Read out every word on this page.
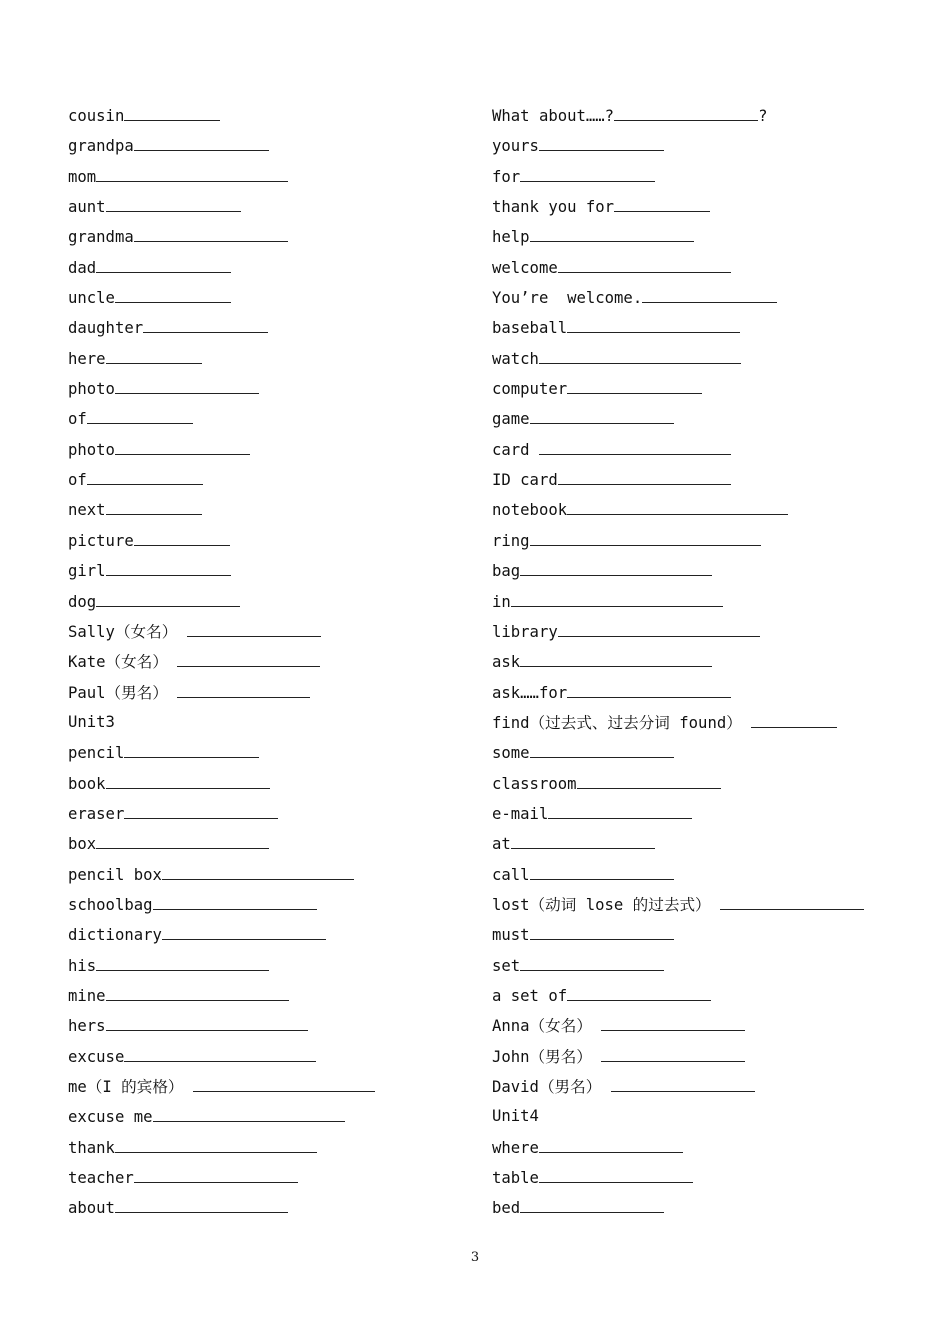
cousin
grandpa
mom
aunt
grandma
dad
uncle
daughter
here
photo
of
photo
of
next
picture
girl
dog
Sally（女名）
Kate（女名）
Paul（男名）
Unit3
pencil
book
eraser
box
pencil box
schoolbag
dictionary
his
mine
hers
excuse
me（I 的宾格）
excuse me
thank
teacher
about
What about……?	?
yours
for
thank you for
help
welcome
You’re  welcome.
baseball
watch
computer
game
card
ID card
notebook
ring
bag
in
library
ask
ask……for
find（过去式、过去分词 found）
some
classroom
e-mail
at
call
lost（动词 lose 的过去式）
must
set
a set of
Anna（女名）
John（男名）
David（男名）
Unit4
where
table
bed
3
